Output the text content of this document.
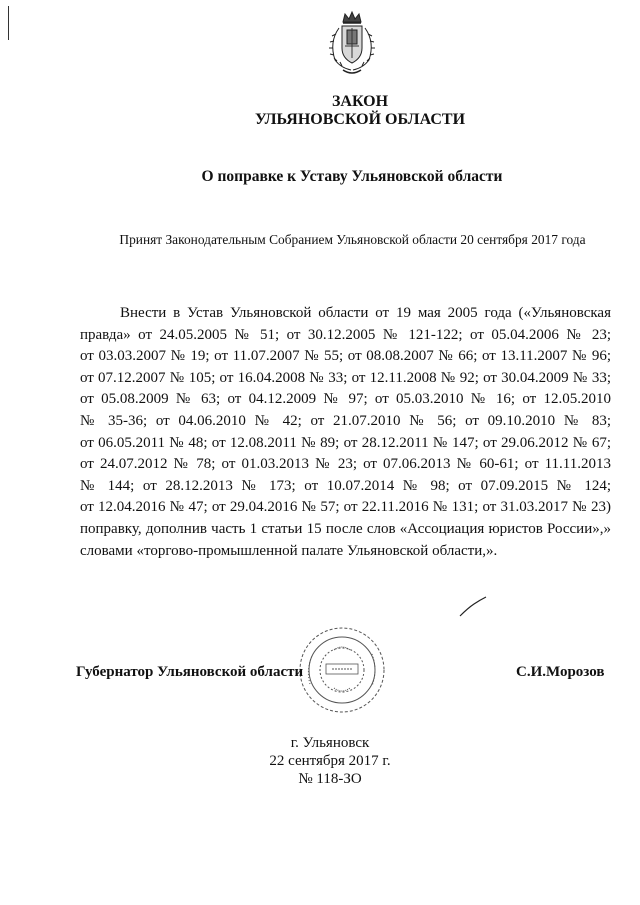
ЗАКОН
УЛЬЯНОВСКОЙ ОБЛАСТИ
О поправке к Уставу Ульяновской области
Принят Законодательным Собранием Ульяновской области 20 сентября 2017 года
Внести в Устав Ульяновской области от 19 мая 2005 года («Ульяновская
правда» от 24.05.2005 № 51; от 30.12.2005 № 121-122; от 05.04.2006 № 23;
от 03.03.2007 № 19; от 11.07.2007 № 55; от 08.08.2007 № 66; от 13.11.2007 № 96;
от 07.12.2007 № 105; от 16.04.2008 № 33; от 12.11.2008 № 92; от 30.04.2009 № 33;
от 05.08.2009 № 63; от 04.12.2009 № 97; от 05.03.2010 № 16; от 12.05.2010
№ 35-36; от 04.06.2010 № 42; от 21.07.2010 № 56; от 09.10.2010 № 83;
от 06.05.2011 № 48; от 12.08.2011 № 89; от 28.12.2011 № 147; от 29.06.2012 № 67;
от 24.07.2012 № 78; от 01.03.2013 № 23; от 07.06.2013 № 60-61; от 11.11.2013
№ 144; от 28.12.2013 № 173; от 10.07.2014 № 98; от 07.09.2015 № 124;
от 12.04.2016 № 47; от 29.04.2016 № 57; от 22.11.2016 № 131; от 31.03.2017 № 23)
поправку, дополнив часть 1 статьи 15 после слов «Ассоциация юристов России»,»
словами «торгово-промышленной палате Ульяновской области,».
Губернатор Ульяновской области	С.И.Морозов
г. Ульяновск
22 сентября 2017 г.
№ 118-ЗО
